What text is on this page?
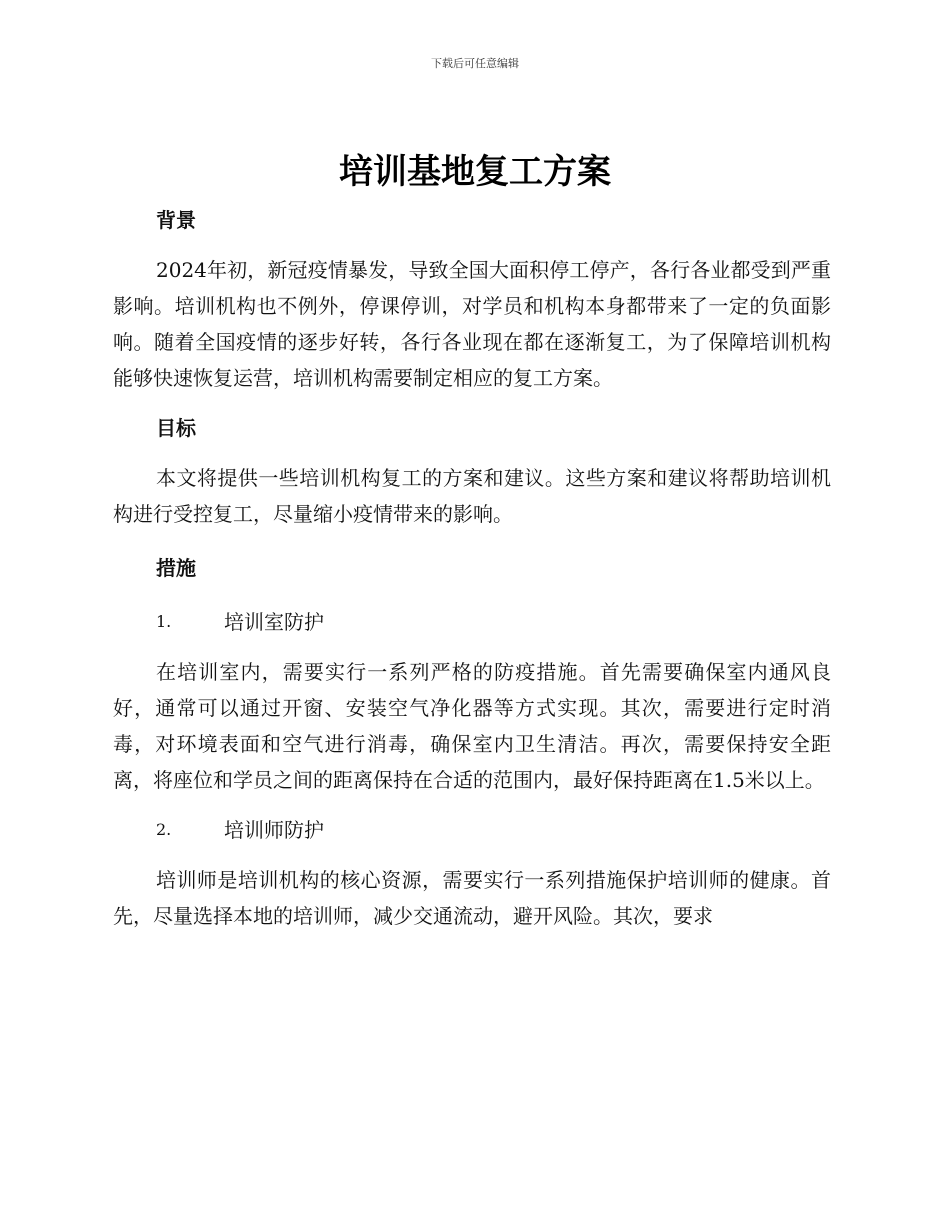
下载后可任意编辑
培训基地复工方案
背景

2024年初，新冠疫情暴发，导致全国大面积停工停产，各行各业都受到严重影响。培训机构也不例外，停课停训，对学员和机构本身都带来了一定的负面影响。随着全国疫情的逐步好转，各行各业现在都在逐渐复工，为了保障培训机构能够快速恢复运营，培训机构需要制定相应的复工方案。

目标

本文将提供一些培训机构复工的方案和建议。这些方案和建议将帮助培训机构进行受控复工，尽量缩小疫情带来的影响。

措施
1.	培训室防护

在培训室内，需要实行一系列严格的防疫措施。首先需要确保室内通风良好，通常可以通过开窗、安装空气净化器等方式实现。其次，需要进行定时消毒，对环境表面和空气进行消毒，确保室内卫生清洁。再次，需要保持安全距离，将座位和学员之间的距离保持在合适的范围内，最好保持距离在1.5米以上。

2.	培训师防护

培训师是培训机构的核心资源，需要实行一系列措施保护培训师的健康。首先，尽量选择本地的培训师，减少交通流动，避开风险。其次，要求
